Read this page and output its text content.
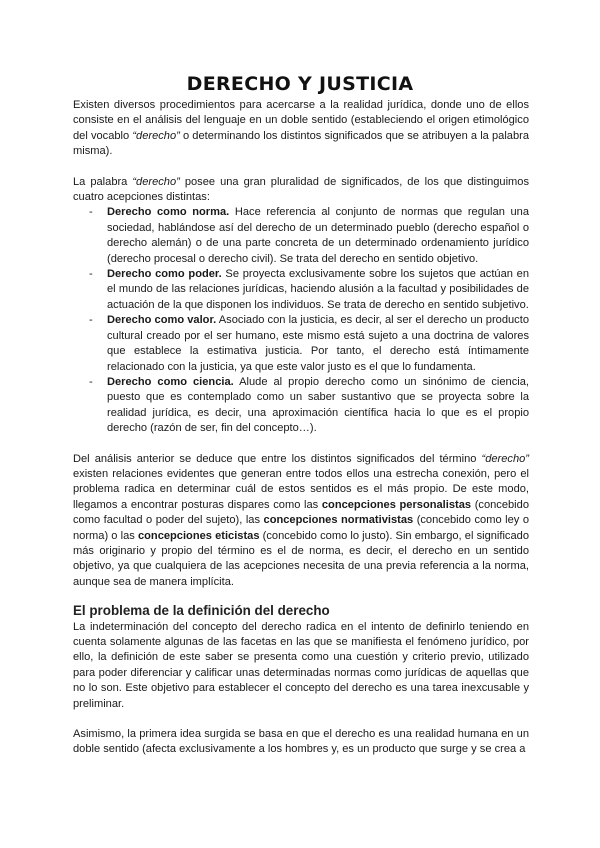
DERECHO Y JUSTICIA

Existen diversos procedimientos para acercarse a la realidad jurídica, donde uno de ellos consiste en el análisis del lenguaje en un doble sentido (estableciendo el origen etimológico del vocablo “derecho” o determinando los distintos significados que se atribuyen a la palabra misma).

La palabra “derecho” posee una gran pluralidad de significados, de los que distinguimos cuatro acepciones distintas:

- Derecho como norma. Hace referencia al conjunto de normas que regulan una sociedad, hablándose así del derecho de un determinado pueblo (derecho español o derecho alemán) o de una parte concreta de un determinado ordenamiento jurídico (derecho procesal o derecho civil). Se trata del derecho en sentido objetivo.
- Derecho como poder. Se proyecta exclusivamente sobre los sujetos que actúan en el mundo de las relaciones jurídicas, haciendo alusión a la facultad y posibilidades de actuación de la que disponen los individuos. Se trata de derecho en sentido subjetivo.
- Derecho como valor. Asociado con la justicia, es decir, al ser el derecho un producto cultural creado por el ser humano, este mismo está sujeto a una doctrina de valores que establece la estimativa justicia. Por tanto, el derecho está íntimamente relacionado con la justicia, ya que este valor justo es el que lo fundamenta.
- Derecho como ciencia. Alude al propio derecho como un sinónimo de ciencia, puesto que es contemplado como un saber sustantivo que se proyecta sobre la realidad jurídica, es decir, una aproximación científica hacia lo que es el propio derecho (razón de ser, fin del concepto…).

Del análisis anterior se deduce que entre los distintos significados del término “derecho” existen relaciones evidentes que generan entre todos ellos una estrecha conexión, pero el problema radica en determinar cuál de estos sentidos es el más propio. De este modo, llegamos a encontrar posturas dispares como las concepciones personalistas (concebido como facultad o poder del sujeto), las concepciones normativistas (concebido como ley o norma) o las concepciones eticistas (concebido como lo justo). Sin embargo, el significado más originario y propio del término es el de norma, es decir, el derecho en un sentido objetivo, ya que cualquiera de las acepciones necesita de una previa referencia a la norma, aunque sea de manera implícita.

El problema de la definición del derecho

La indeterminación del concepto del derecho radica en el intento de definirlo teniendo en cuenta solamente algunas de las facetas en las que se manifiesta el fenómeno jurídico, por ello, la definición de este saber se presenta como una cuestión y criterio previo, utilizado para poder diferenciar y calificar unas determinadas normas como jurídicas de aquellas que no lo son. Este objetivo para establecer el concepto del derecho es una tarea inexcusable y preliminar.

Asimismo, la primera idea surgida se basa en que el derecho es una realidad humana en un doble sentido (afecta exclusivamente a los hombres y, es un producto que surge y se crea a
